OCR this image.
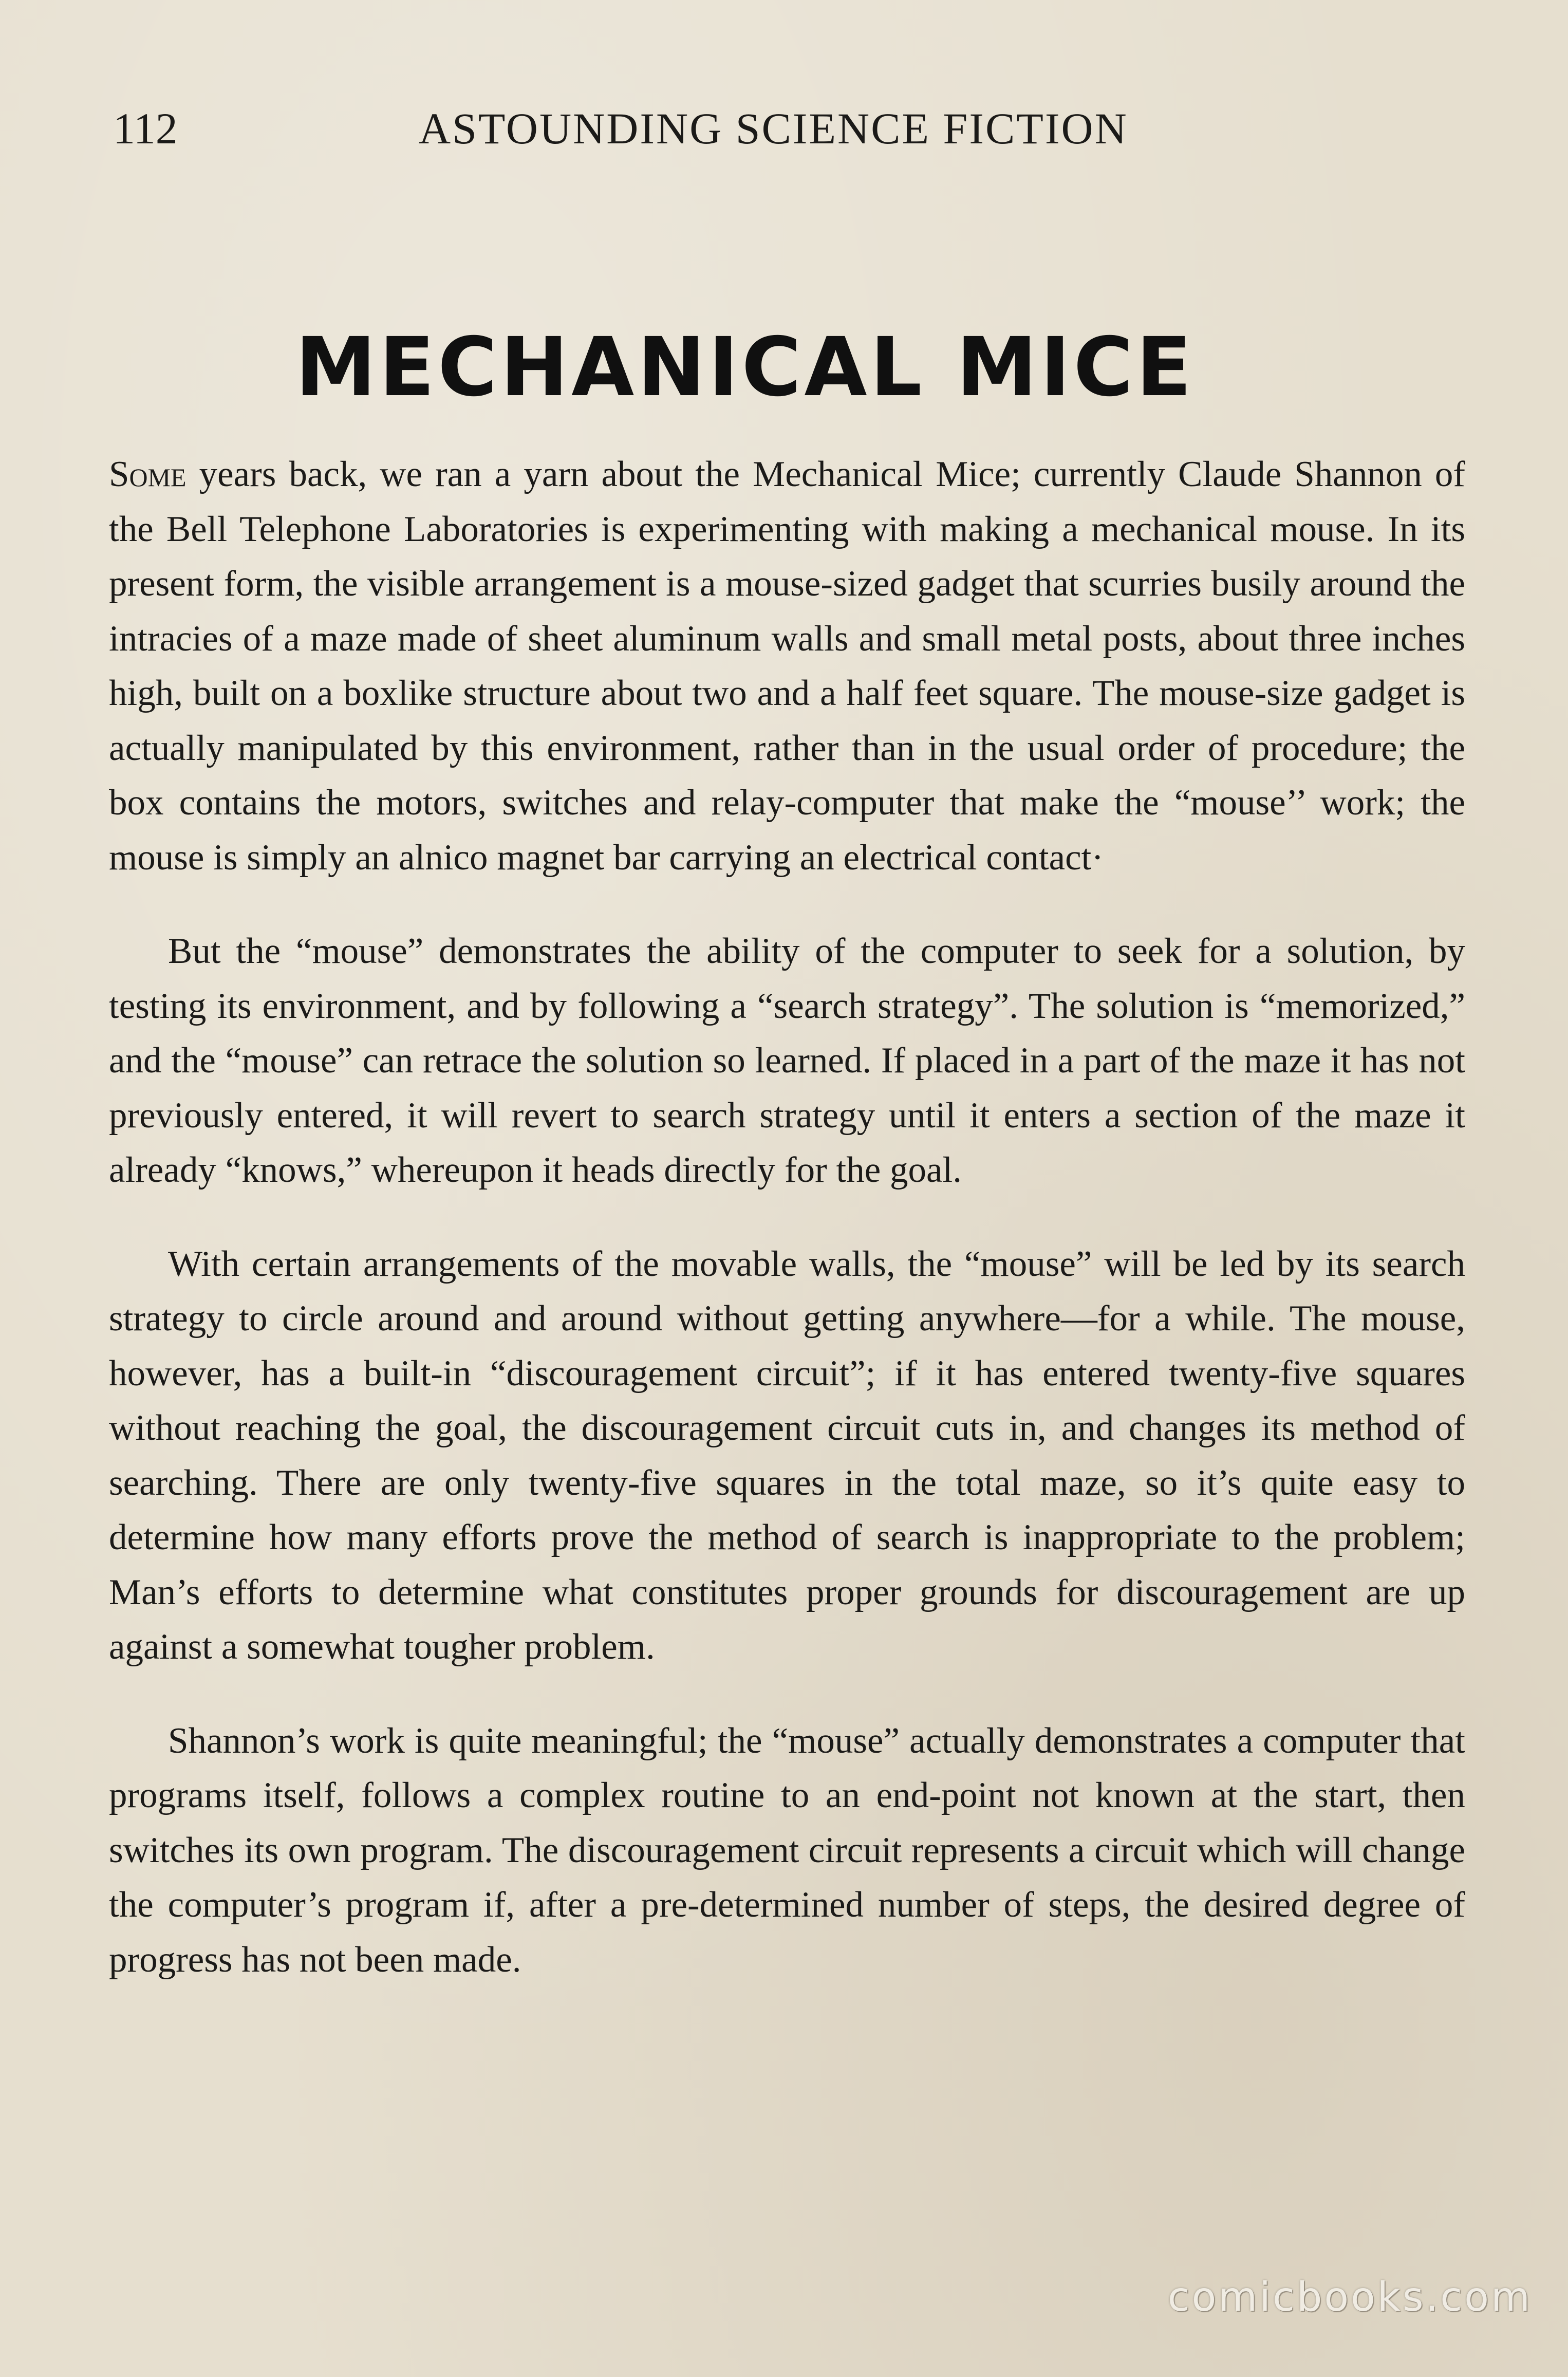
112	ASTOUNDING SCIENCE FICTION
MECHANICAL MICE

Some years back, we ran a yarn about the Mechanical Mice; currently Claude Shannon of the Bell Telephone Laboratories is experimenting with making a mechanical mouse. In its present form, the visible arrangement is a mouse-sized gadget that scurries busily around the intracies of a maze made of sheet aluminum walls and small metal posts, about three inches high, built on a boxlike structure about two and a half feet square. The mouse-size gadget is actually manipulated by this environment, rather than in the usual order of procedure; the box contains the motors, switches and relay-computer that make the “mouse’’ work; the mouse is simply an alnico magnet bar carrying an electrical contact·

But the “mouse” demonstrates the ability of the computer to seek for a solution, by testing its environment, and by following a “search strategy”. The solution is “memorized,” and the “mouse” can retrace the solution so learned. If placed in a part of the maze it has not previously entered, it will revert to search strategy until it enters a section of the maze it already “knows,” whereupon it heads directly for the goal.

With certain arrangements of the movable walls, the “mouse” will be led by its search strategy to circle around and around without getting anywhere—for a while. The mouse, however, has a built-in “discouragement circuit”; if it has entered twenty-five squares without reaching the goal, the discouragement circuit cuts in, and changes its method of searching. There are only twenty-five squares in the total maze, so it’s quite easy to determine how many efforts prove the method of search is inappropriate to the problem; Man’s efforts to determine what constitutes proper grounds for discouragement are up against a somewhat tougher problem.

Shannon’s work is quite meaningful; the “mouse” actually demonstrates a computer that programs itself, follows a complex routine to an end-point not known at the start, then switches its own program. The discouragement circuit represents a circuit which will change the computer’s program if, after a pre-determined number of steps, the desired degree of progress has not been made.

comicbooks.com
